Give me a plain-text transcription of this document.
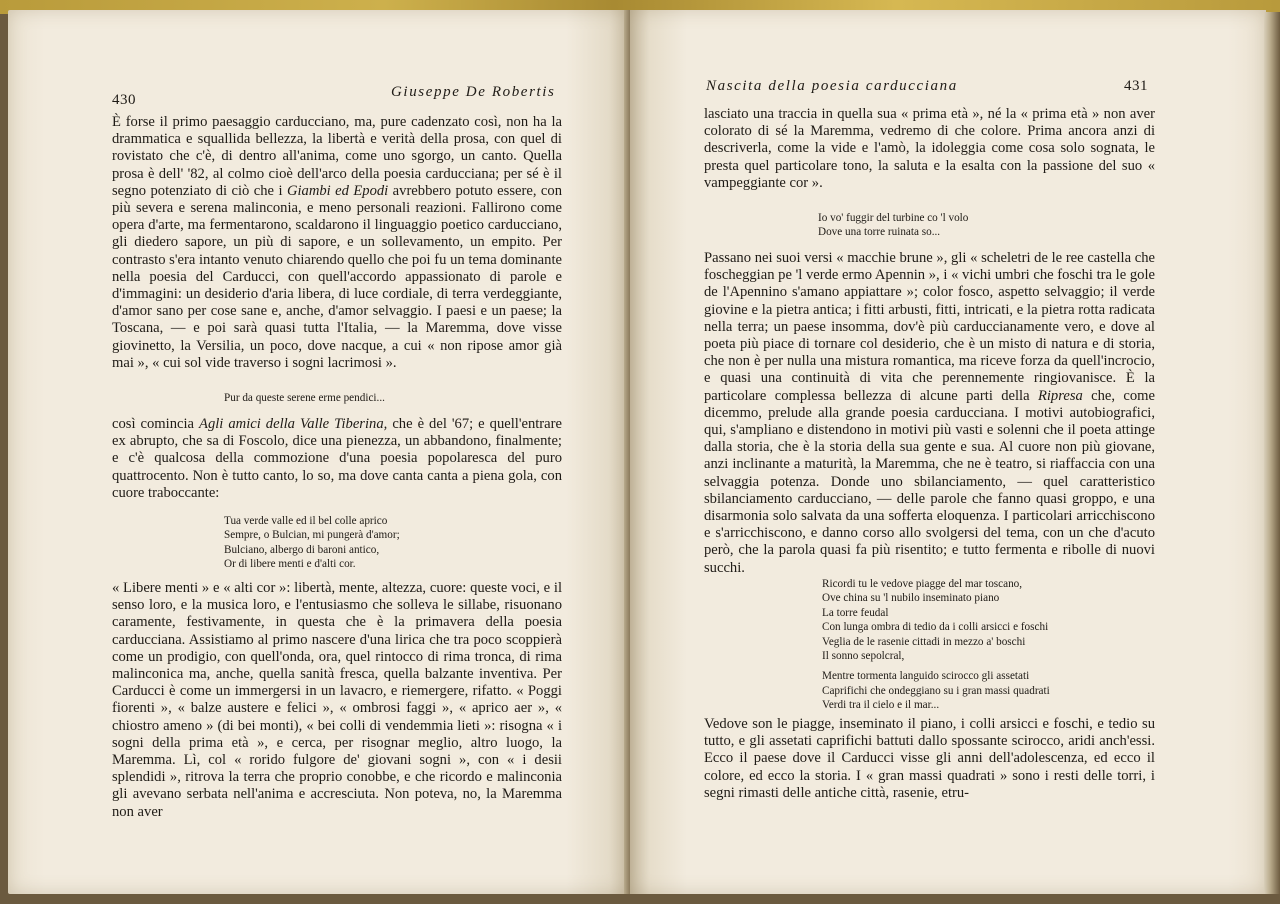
430	Giuseppe De Robertis

È forse il primo paesaggio carducciano, ma, pure cadenzato così, non ha la drammatica e squallida bellezza, la libertà e verità della prosa, con quel di rovistato che c'è, di dentro all'anima, come uno sgorgo, un canto. Quella prosa è dell' '82, al colmo cioè dell'arco della poesia carducciana; per sé è il segno potenziato di ciò che i Giambi ed Epodi avrebbero potuto essere, con più severa e serena malinconia, e meno personali reazioni. Fallirono come opera d'arte, ma fermentarono, scaldarono il linguaggio poetico carducciano, gli diedero sapore, un più di sapore, e un sollevamento, un empito. Per contrasto s'era intanto venuto chiarendo quello che poi fu un tema dominante nella poesia del Carducci, con quell'accordo appassionato di parole e d'immagini: un desiderio d'aria libera, di luce cordiale, di terra verdeggiante, d'amor sano per cose sane e, anche, d'amor selvaggio. I paesi e un paese; la Toscana, — e poi sarà quasi tutta l'Italia, — la Maremma, dove visse giovinetto, la Versilia, un poco, dove nacque, a cui « non ripose amor già mai », « cui sol vide traverso i sogni lacrimosi ».

Pur da queste serene erme pendici...

così comincia Agli amici della Valle Tiberina, che è del '67; e quell'entrare ex abrupto, che sa di Foscolo, dice una pienezza, un abbandono, finalmente; e c'è qualcosa della commozione d'una poesia popolaresca del puro quattrocento. Non è tutto canto, lo so, ma dove canta canta a piena gola, con cuore traboccante:

Tua verde valle ed il bel colle aprico
Sempre, o Bulcian, mi pungerà d'amor;
Bulciano, albergo di baroni antico,
Or di libere menti e d'alti cor.

« Libere menti » e « alti cor »: libertà, mente, altezza, cuore: queste voci, e il senso loro, e la musica loro, e l'entusiasmo che solleva le sillabe, risuonano caramente, festivamente, in questa che è la primavera della poesia carducciana. Assistiamo al primo nascere d'una lirica che tra poco scoppierà come un prodigio, con quell'onda, ora, quel rintocco di rima tronca, di rima malinconica ma, anche, quella sanità fresca, quella balzante inventiva. Per Carducci è come un immergersi in un lavacro, e riemergere, rifatto. « Poggi fiorenti », « balze austere e felici », « ombrosi faggi », « aprico aer », « chiostro ameno » (di bei monti), « bei colli di vendemmia lieti »: risogna « i sogni della prima età », e cerca, per risognar meglio, altro luogo, la Maremma. Lì, col « rorido fulgore de' giovani sogni », con « i desii splendidi », ritrova la terra che proprio conobbe, e che ricordo e malinconia gli avevano serbata nell'anima e accresciuta. Non poteva, no, la Maremma non aver

Nascita della poesia carducciana	431

lasciato una traccia in quella sua « prima età », né la « prima età » non aver colorato di sé la Maremma, vedremo di che colore. Prima ancora anzi di descriverla, come la vide e l'amò, la idoleggia come cosa solo sognata, le presta quel particolare tono, la saluta e la esalta con la passione del suo « vampeggiante cor ».

Io vo' fuggir del turbine co 'l volo
Dove una torre ruinata so...

Passano nei suoi versi « macchie brune », gli « scheletri de le ree castella che foscheggian pe 'l verde ermo Apennin », i « vichi umbri che foschi tra le gole de l'Apennino s'amano appiattare »; color fosco, aspetto selvaggio; il verde giovine e la pietra antica; i fitti arbusti, fitti, intricati, e la pietra rotta radicata nella terra; un paese insomma, dov'è più carduccianamente vero, e dove al poeta più piace di tornare col desiderio, che è un misto di natura e di storia, che non è per nulla una mistura romantica, ma riceve forza da quell'incrocio, e quasi una continuità di vita che perennemente ringiovanisce. È la particolare complessa bellezza di alcune parti della Ripresa che, come dicemmo, prelude alla grande poesia carducciana. I motivi autobiografici, qui, s'ampliano e distendono in motivi più vasti e solenni che il poeta attinge dalla storia, che è la storia della sua gente e sua. Al cuore non più giovane, anzi inclinante a maturità, la Maremma, che ne è teatro, si riaffaccia con una selvaggia potenza. Donde uno sbilanciamento, — quel caratteristico sbilanciamento carducciano, — delle parole che fanno quasi groppo, e una disarmonia solo salvata da una sofferta eloquenza. I particolari arricchiscono e s'arricchiscono, e danno corso allo svolgersi del tema, con un che d'acuto però, che la parola quasi fa più risentito; e tutto fermenta e ribolle di nuovi succhi.

Ricordi tu le vedove piagge del mar toscano,
Ove china su 'l nubilo inseminato piano
La torre feudal
Con lunga ombra di tedio da i colli arsicci e foschi
Veglia de le rasenie cittadi in mezzo a' boschi
Il sonno sepolcral,
Mentre tormenta languido scirocco gli assetati
Caprifichi che ondeggiano su i gran massi quadrati
Verdi tra il cielo e il mar...

Vedove son le piagge, inseminato il piano, i colli arsicci e foschi, e tedio su tutto, e gli assetati caprifichi battuti dallo spossante scirocco, aridi anch'essi. Ecco il paese dove il Carducci visse gli anni dell'adolescenza, ed ecco il colore, ed ecco la storia. I « gran massi quadrati » sono i resti delle torri, i segni rimasti delle antiche città, rasenie, etru-
